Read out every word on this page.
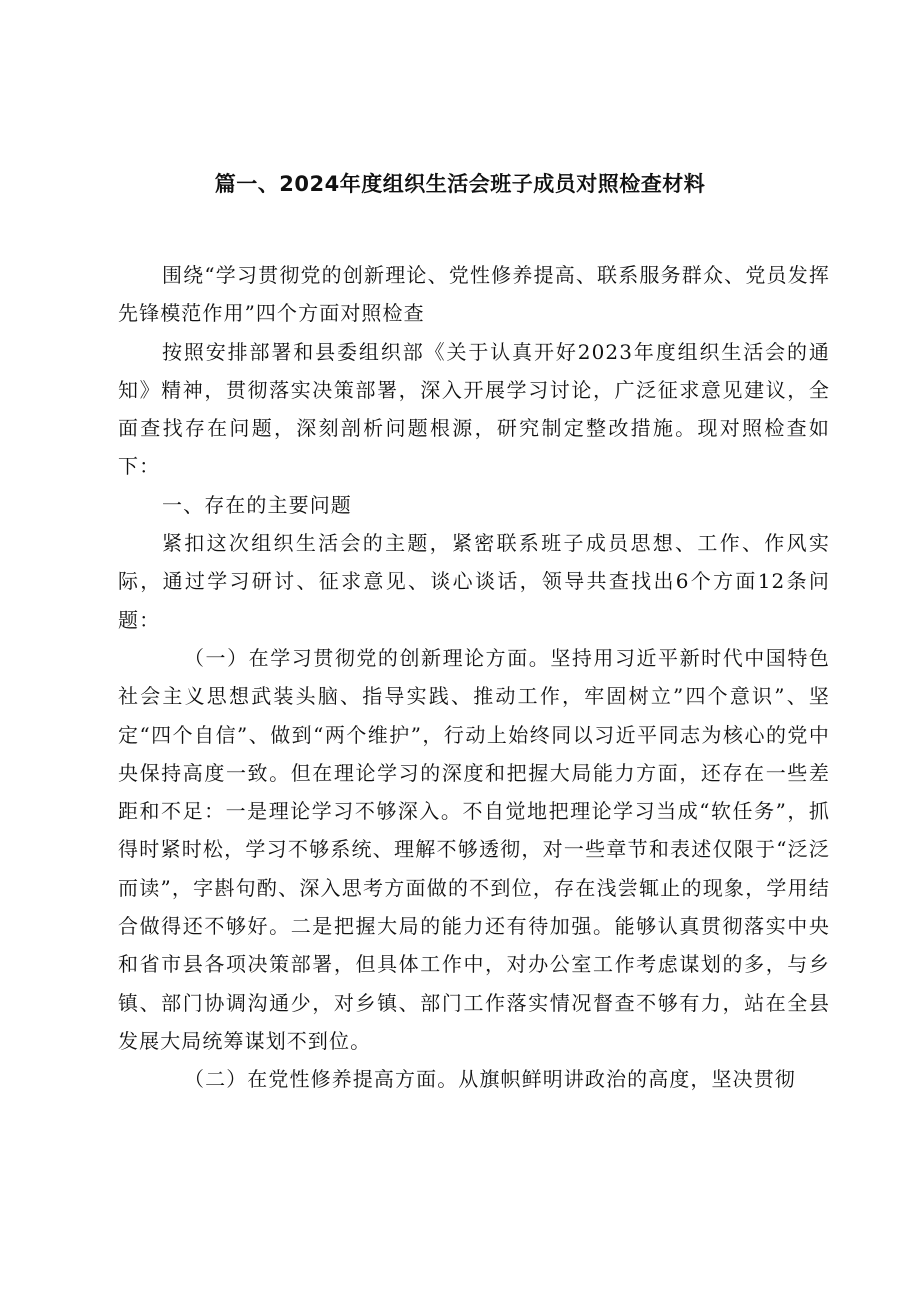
篇一、2024年度组织生活会班子成员对照检查材料

围绕“学习贯彻党的创新理论、党性修养提高、联系服务群众、党员发挥先锋模范作用”四个方面对照检查

按照安排部署和县委组织部《关于认真开好2023年度组织生活会的通知》精神，贯彻落实决策部署，深入开展学习讨论，广泛征求意见建议，全面查找存在问题，深刻剖析问题根源，研究制定整改措施。现对照检查如下：

一、存在的主要问题

紧扣这次组织生活会的主题，紧密联系班子成员思想、工作、作风实际，通过学习研讨、征求意见、谈心谈话，领导共查找出6个方面12条问题：

（一）在学习贯彻党的创新理论方面。坚持用习近平新时代中国特色社会主义思想武装头脑、指导实践、推动工作，牢固树立”四个意识”、坚定“四个自信”、做到“两个维护”，行动上始终同以习近平同志为核心的党中央保持高度一致。但在理论学习的深度和把握大局能力方面，还存在一些差距和不足：一是理论学习不够深入。不自觉地把理论学习当成“软任务”，抓得时紧时松，学习不够系统、理解不够透彻，对一些章节和表述仅限于“泛泛而读”，字斟句酌、深入思考方面做的不到位，存在浅尝辄止的现象，学用结合做得还不够好。二是把握大局的能力还有待加强。能够认真贯彻落实中央和省市县各项决策部署，但具体工作中，对办公室工作考虑谋划的多，与乡镇、部门协调沟通少，对乡镇、部门工作落实情况督查不够有力，站在全县发展大局统筹谋划不到位。

（二）在党性修养提高方面。从旗帜鲜明讲政治的高度，坚决贯彻
